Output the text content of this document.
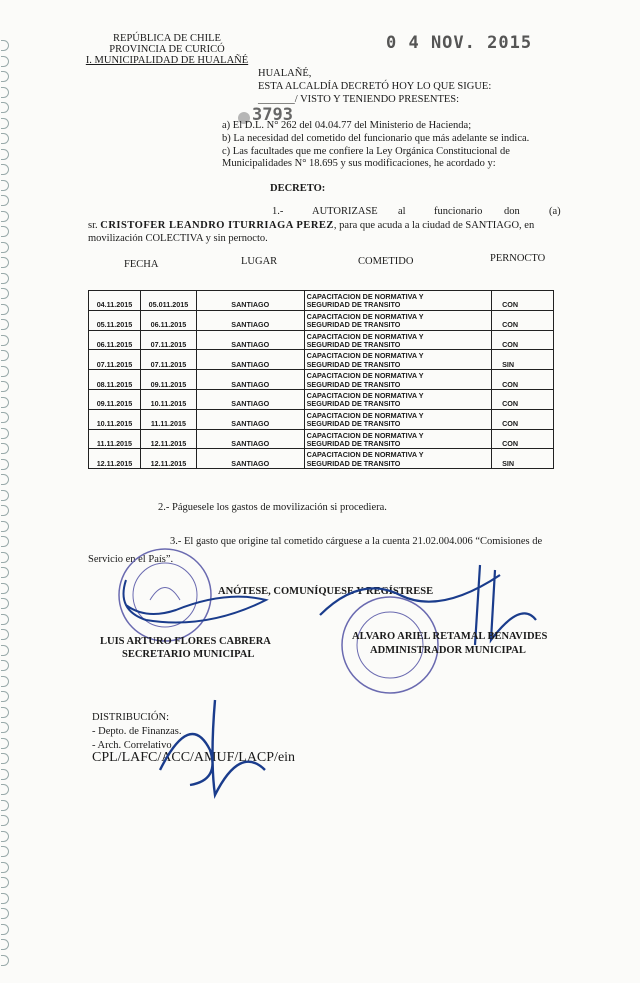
REPÚBLICA DE CHILE
PROVINCIA DE CURICÓ
I. MUNICIPALIDAD DE HUALAÑÉ
0 4 NOV. 2015
HUALAÑÉ,
ESTA ALCALDÍA DECRETÓ HOY LO QUE SIGUE:
_______/ VISTO Y TENIENDO PRESENTES:
3793
a) El D.L. N° 262 del 04.04.77 del Ministerio de Hacienda;
b) La necesidad del cometido del funcionario que más adelante se indica.
c) Las facultades que me confiere la Ley Orgánica Constitucional de
Municipalidades N° 18.695 y sus modificaciones, he acordado y:
DECRETO:
1.-	AUTORIZASE al	funcionario don	(a)
sr. CRISTOFER LEANDRO ITURRIAGA PEREZ, para que acuda a la ciudad de SANTIAGO, en
movilización COLECTIVA y sin pernocto.
FECHA	LUGAR	COMETIDO	PERNOCTO
04.11.2015	05.011.2015	SANTIAGO	CAPACITACION DE NORMATIVA Y
SEGURIDAD DE TRANSITO	CON
05.11.2015	06.11.2015	SANTIAGO	CAPACITACION DE NORMATIVA Y
SEGURIDAD DE TRANSITO	CON
06.11.2015	07.11.2015	SANTIAGO	CAPACITACION DE NORMATIVA Y
SEGURIDAD DE TRANSITO	CON
07.11.2015	07.11.2015	SANTIAGO	CAPACITACION DE NORMATIVA Y
SEGURIDAD DE TRANSITO	SIN
08.11.2015	09.11.2015	SANTIAGO	CAPACITACION DE NORMATIVA Y
SEGURIDAD DE TRANSITO	CON
09.11.2015	10.11.2015	SANTIAGO	CAPACITACION DE NORMATIVA Y
SEGURIDAD DE TRANSITO	CON
10.11.2015	11.11.2015	SANTIAGO	CAPACITACION DE NORMATIVA Y
SEGURIDAD DE TRANSITO	CON
11.11.2015	12.11.2015	SANTIAGO	CAPACITACION DE NORMATIVA Y
SEGURIDAD DE TRANSITO	CON
12.11.2015	12.11.2015	SANTIAGO	CAPACITACION DE NORMATIVA Y
SEGURIDAD DE TRANSITO	SIN
2.- Páguesele los gastos de movilización si procediera.
3.- El gasto que origine tal cometido cárguese a la cuenta 21.02.004.006 “Comisiones de
Servicio en el País”.
ANÓTESE, COMUNÍQUESE Y REGÍSTRESE
LUIS ARTURO FLORES CABRERA
SECRETARIO MUNICIPAL
ALVARO ARIEL RETAMAL BENAVIDES
ADMINISTRADOR MUNICIPAL
DISTRIBUCIÓN:
- Depto. de Finanzas.
- Arch. Correlativo.
CPL/LAFC/ACC/AMUF/LACP/ein
